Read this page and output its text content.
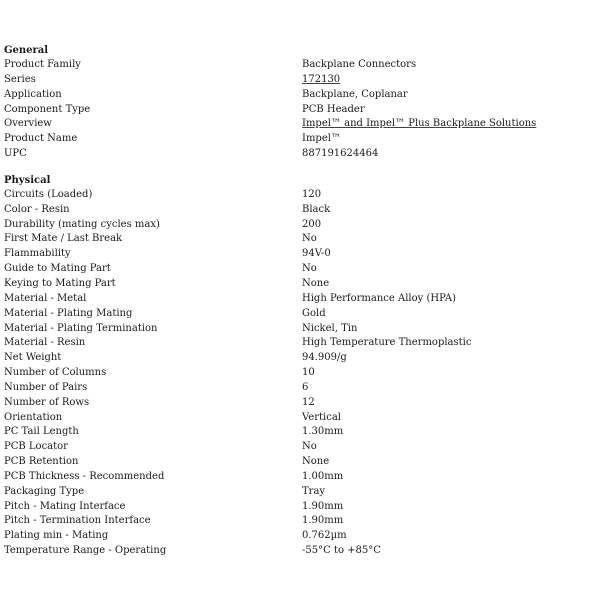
General
Product Family	Backplane Connectors
Series	172130
Application	Backplane, Coplanar
Component Type	PCB Header
Overview	Impel™ and Impel™ Plus Backplane Solutions
Product Name	Impel™
UPC	887191624464
Physical
Circuits (Loaded)	120
Color - Resin	Black
Durability (mating cycles max)	200
First Mate / Last Break	No
Flammability	94V-0
Guide to Mating Part	No
Keying to Mating Part	None
Material - Metal	High Performance Alloy (HPA)
Material - Plating Mating	Gold
Material - Plating Termination	Nickel, Tin
Material - Resin	High Temperature Thermoplastic
Net Weight	94.909/g
Number of Columns	10
Number of Pairs	6
Number of Rows	12
Orientation	Vertical
PC Tail Length	1.30mm
PCB Locator	No
PCB Retention	None
PCB Thickness - Recommended	1.00mm
Packaging Type	Tray
Pitch - Mating Interface	1.90mm
Pitch - Termination Interface	1.90mm
Plating min - Mating	0.762µm
Temperature Range - Operating	-55°C to +85°C
